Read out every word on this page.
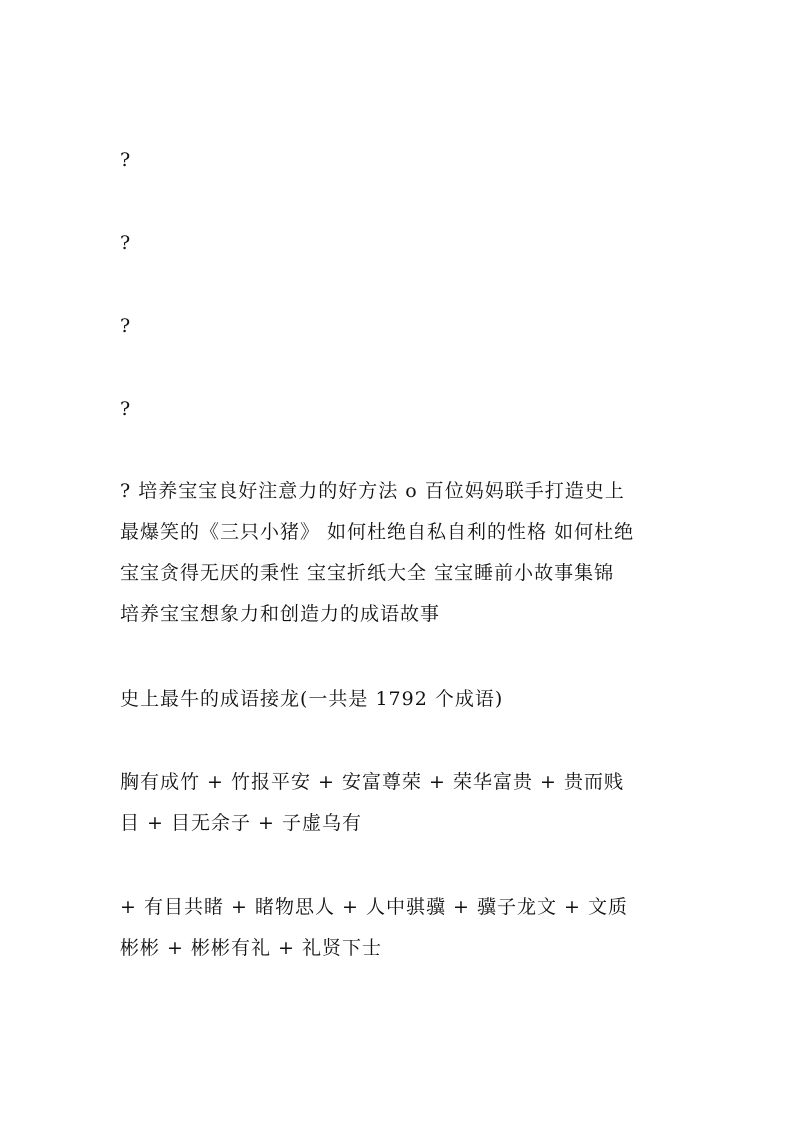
?
?
?
?
? 培养宝宝良好注意力的好方法 o 百位妈妈联手打造史上
最爆笑的《三只小猪》 如何杜绝自私自利的性格 如何杜绝
宝宝贪得无厌的秉性 宝宝折纸大全 宝宝睡前小故事集锦
培养宝宝想象力和创造力的成语故事
史上最牛的成语接龙(一共是 1792 个成语)
胸有成竹 + 竹报平安 + 安富尊荣 + 荣华富贵 + 贵而贱
目 + 目无余子 + 子虚乌有
+ 有目共睹 + 睹物思人 + 人中骐骥 + 骥子龙文 + 文质
彬彬 + 彬彬有礼 + 礼贤下士
